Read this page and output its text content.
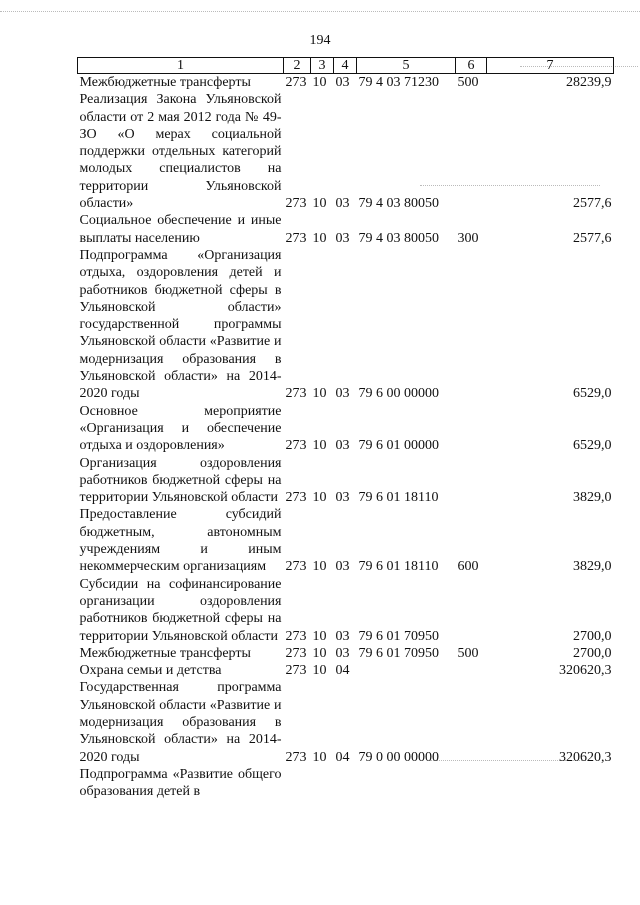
194
1	2	3	4	5	6	7
Межбюджетные трансферты	273	10	03	79 4 03 71230	500	28239,9
Реализация Закона Ульяновской области от 2 мая 2012 года № 49-ЗО «О мерах социальной поддержки отдельных категорий молодых специалистов на территории Ульяновской области»	273	10	03	79 4 03 80050		2577,6
Социальное обеспечение и иные выплаты населению	273	10	03	79 4 03 80050	300	2577,6
Подпрограмма «Организация отдыха, оздоровления детей и работников бюджетной сферы в Ульяновской области» государственной программы Ульяновской области «Развитие и модернизация образования в Ульяновской области» на 2014-2020 годы	273	10	03	79 6 00 00000		6529,0
Основное мероприятие «Организация и обеспечение отдыха и оздоровления»	273	10	03	79 6 01 00000		6529,0
Организация оздоровления работников бюджетной сферы на территории Ульяновской области	273	10	03	79 6 01 18110		3829,0
Предоставление субсидий бюджетным, автономным учреждениям и иным некоммерческим организациям	273	10	03	79 6 01 18110	600	3829,0
Субсидии на софинансирование организации оздоровления работников бюджетной сферы на территории Ульяновской области	273	10	03	79 6 01 70950		2700,0
Межбюджетные трансферты	273	10	03	79 6 01 70950	500	2700,0
Охрана семьи и детства	273	10	04			320620,3
Государственная программа Ульяновской области «Развитие и модернизация образования в Ульяновской области» на 2014-2020 годы	273	10	04	79 0 00 00000		320620,3
Подпрограмма «Развитие общего образования детей в						
